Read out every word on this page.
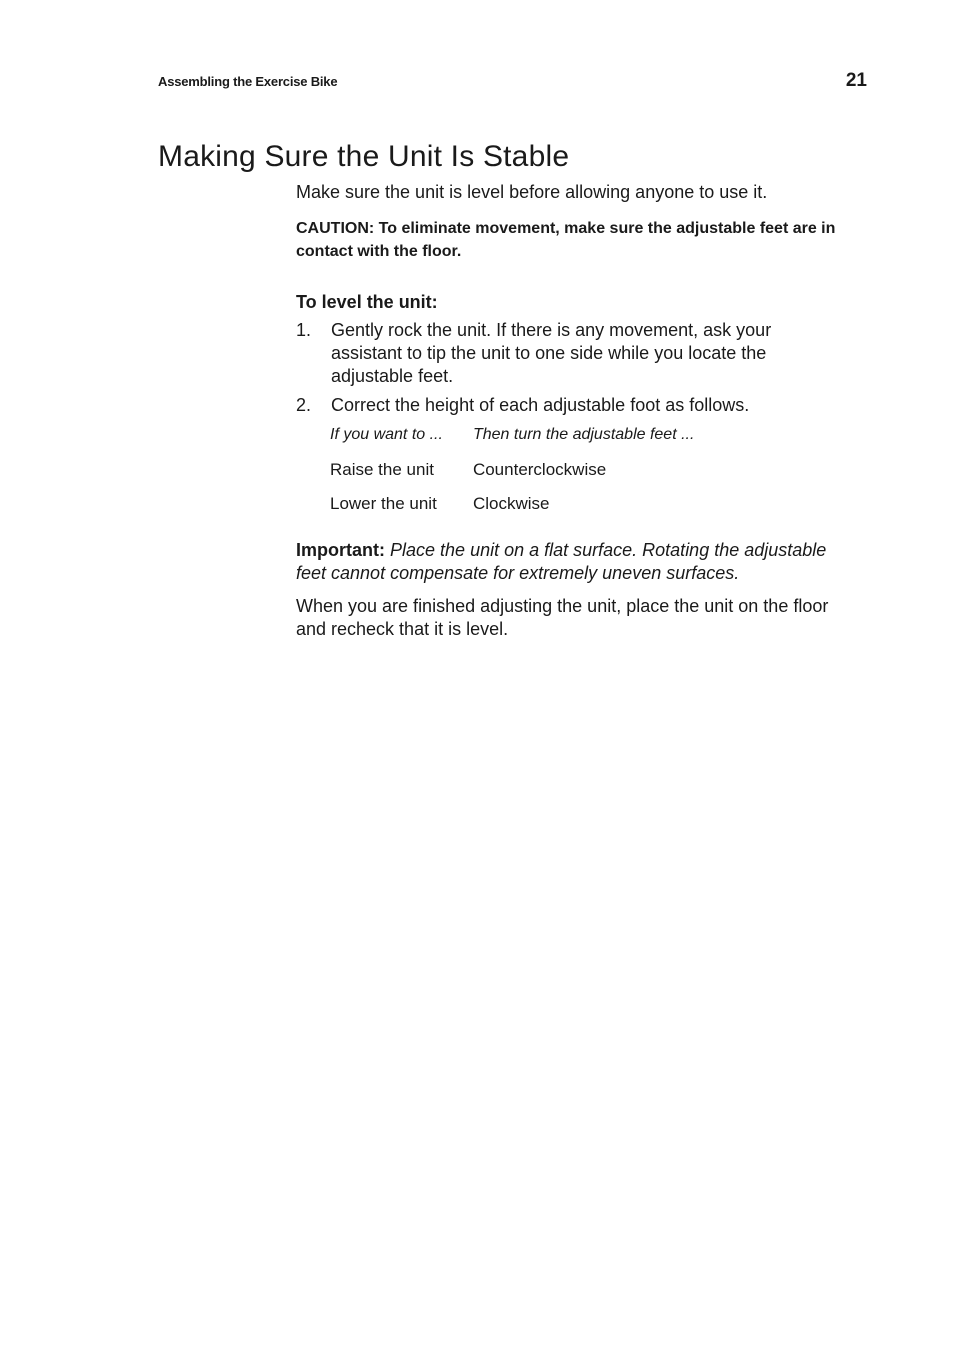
Assembling the Exercise Bike	21
Making Sure the Unit Is Stable

Make sure the unit is level before allowing anyone to use it.

CAUTION: To eliminate movement, make sure the adjustable feet are in contact with the floor.

To level the unit:

1.	Gently rock the unit. If there is any movement, ask your assistant to tip the unit to one side while you locate the adjustable feet.
2.	Correct the height of each adjustable foot as follows.
If you want to ...	Then turn the adjustable feet ...
Raise the unit	Counterclockwise
Lower the unit	Clockwise

Important: Place the unit on a flat surface. Rotating the adjustable feet cannot compensate for extremely uneven surfaces.

When you are finished adjusting the unit, place the unit on the floor and recheck that it is level.
